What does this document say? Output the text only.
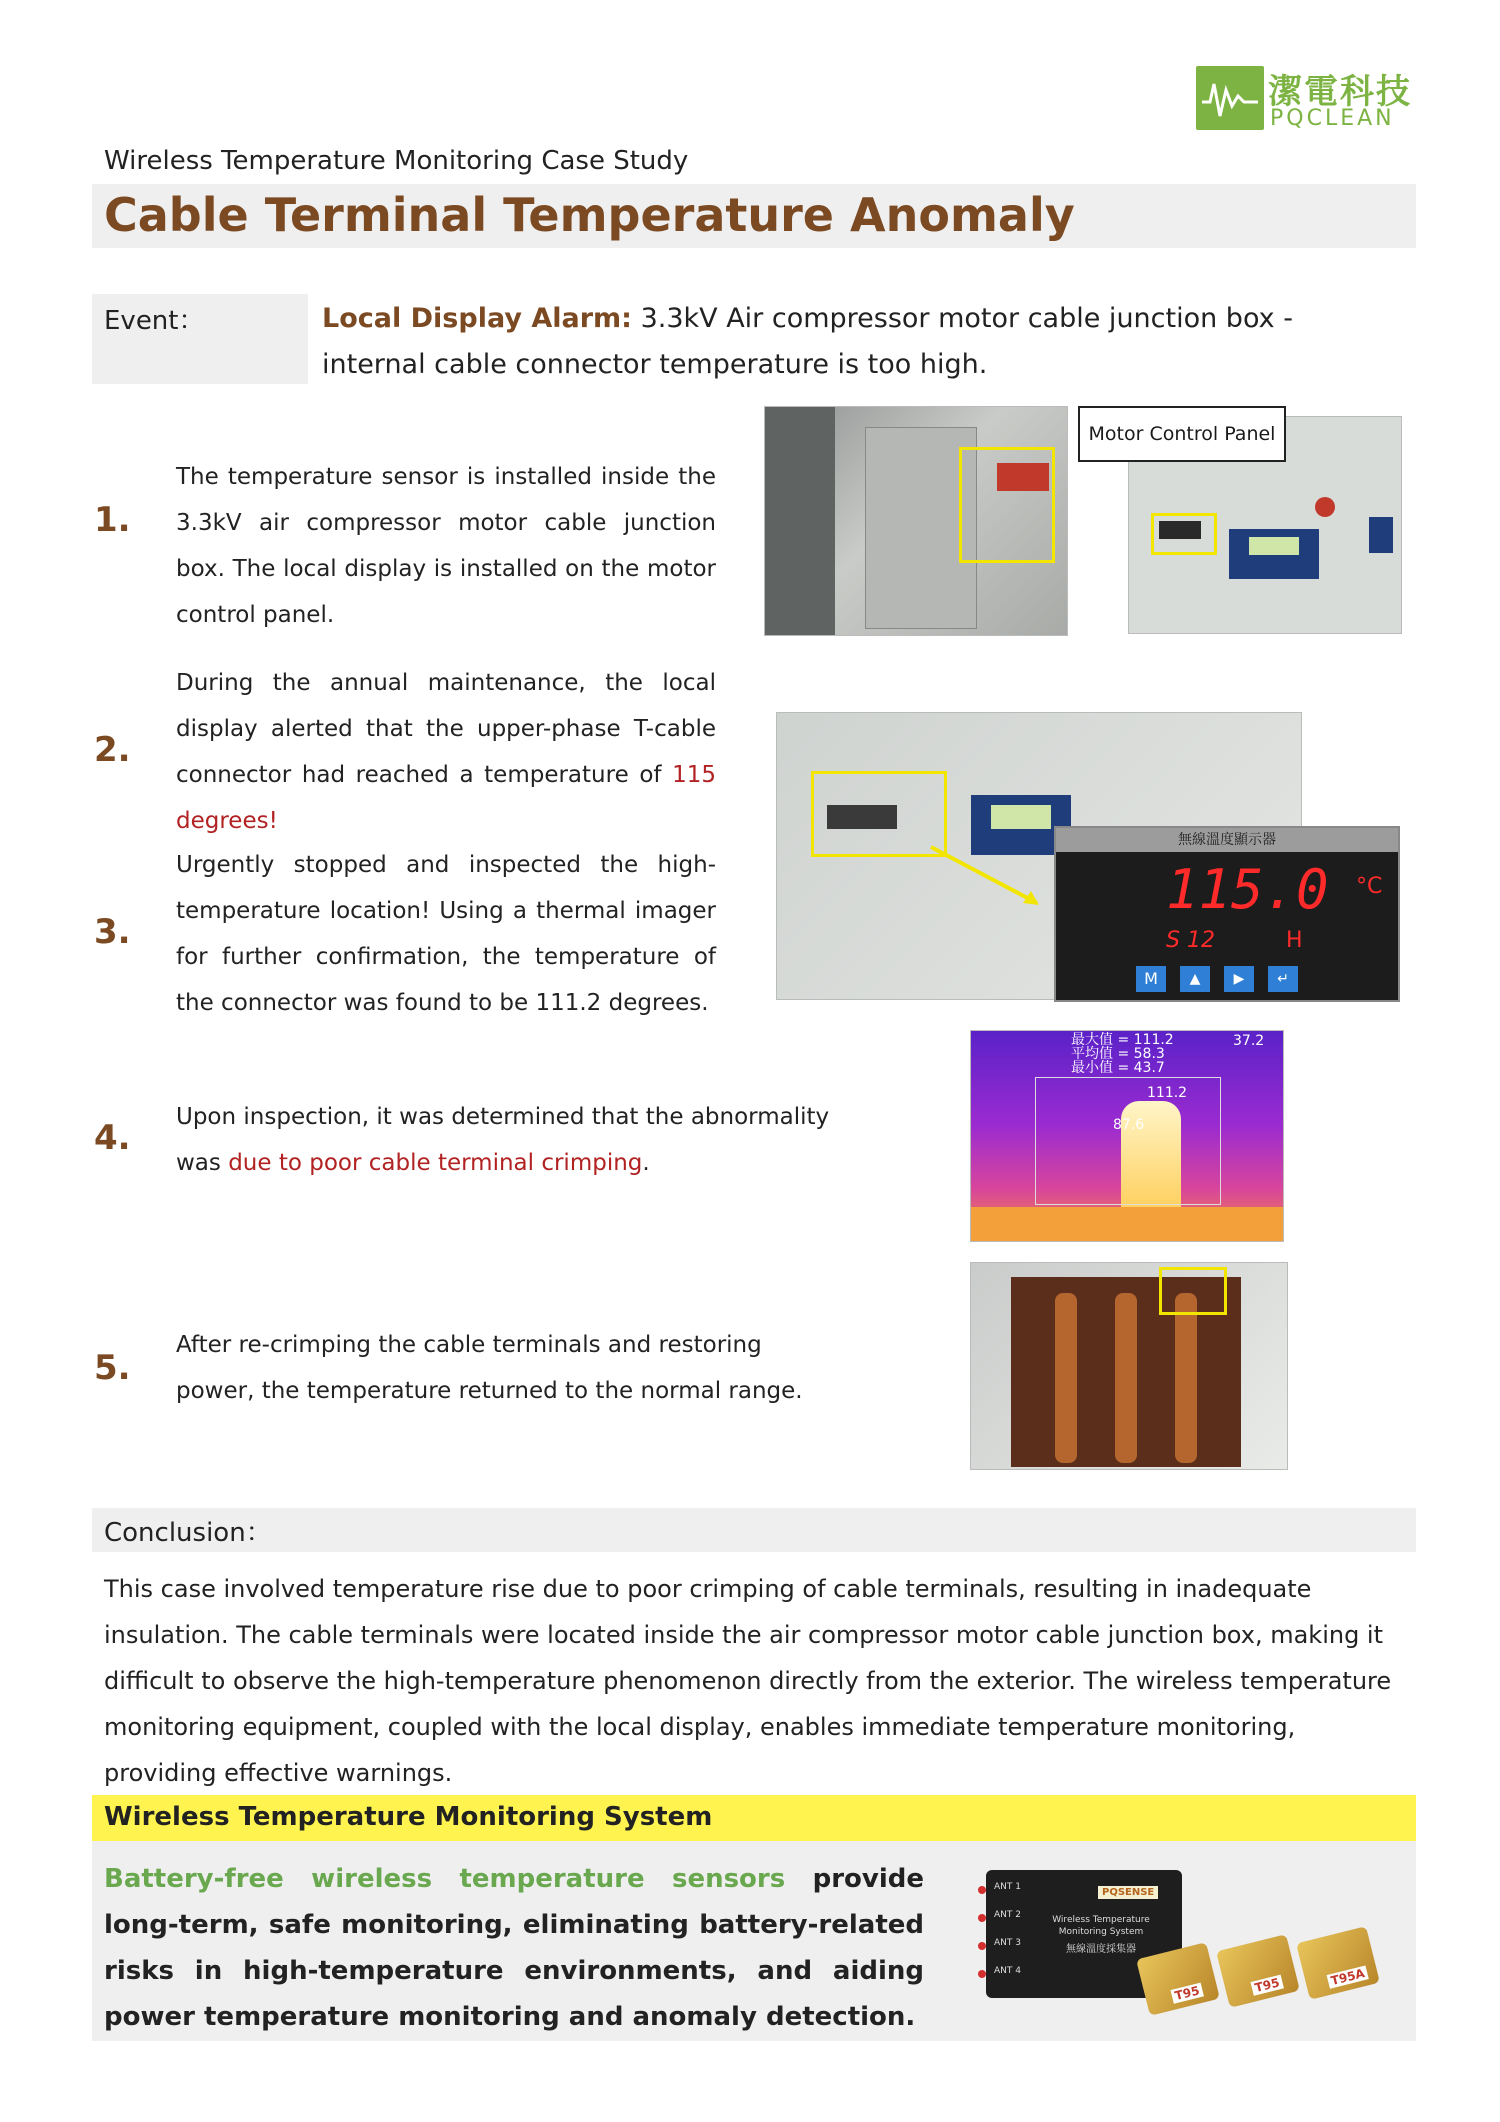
潔電科技
PQCLEAN
Wireless Temperature Monitoring Case Study
Cable Terminal Temperature Anomaly
Event：	Local Display Alarm: 3.3kV Air compressor motor cable junction box - internal cable connector temperature is too high.
1.
The temperature sensor is installed inside the 3.3kV air compressor motor cable junction box. The local display is installed on the motor control panel.
2.
During the annual maintenance, the local display alerted that the upper-phase T-cable connector had reached a temperature of 115 degrees!
3.
Urgently stopped and inspected the high-temperature location! Using a thermal imager for further confirmation, the temperature of the connector was found to be 111.2 degrees.
4.
Upon inspection, it was determined that the abnormality was due to poor cable terminal crimping.
5.
After re-crimping the cable terminals and restoring power, the temperature returned to the normal range.
Motor Control Panel
無線溫度顯示器
115.0 °C
S 12	H
M	▲	▶	↵
最大值 = 111.2
平均值 = 58.3
最小值 = 43.7
37.2
111.2
87.6
Conclusion：
This case involved temperature rise due to poor crimping of cable terminals, resulting in inadequate insulation. The cable terminals were located inside the air compressor motor cable junction box, making it difficult to observe the high-temperature phenomenon directly from the exterior. The wireless temperature monitoring equipment, coupled with the local display, enables immediate temperature monitoring, providing effective warnings.
Wireless Temperature Monitoring System
Battery-free wireless temperature sensors provide long-term, safe monitoring, eliminating battery-related risks in high-temperature environments, and aiding power temperature monitoring and anomaly detection.
ANT 1
ANT 2
ANT 3
ANT 4
PQSENSE
Wireless Temperature Monitoring System
無線溫度採集器
T95	T95	T95A
